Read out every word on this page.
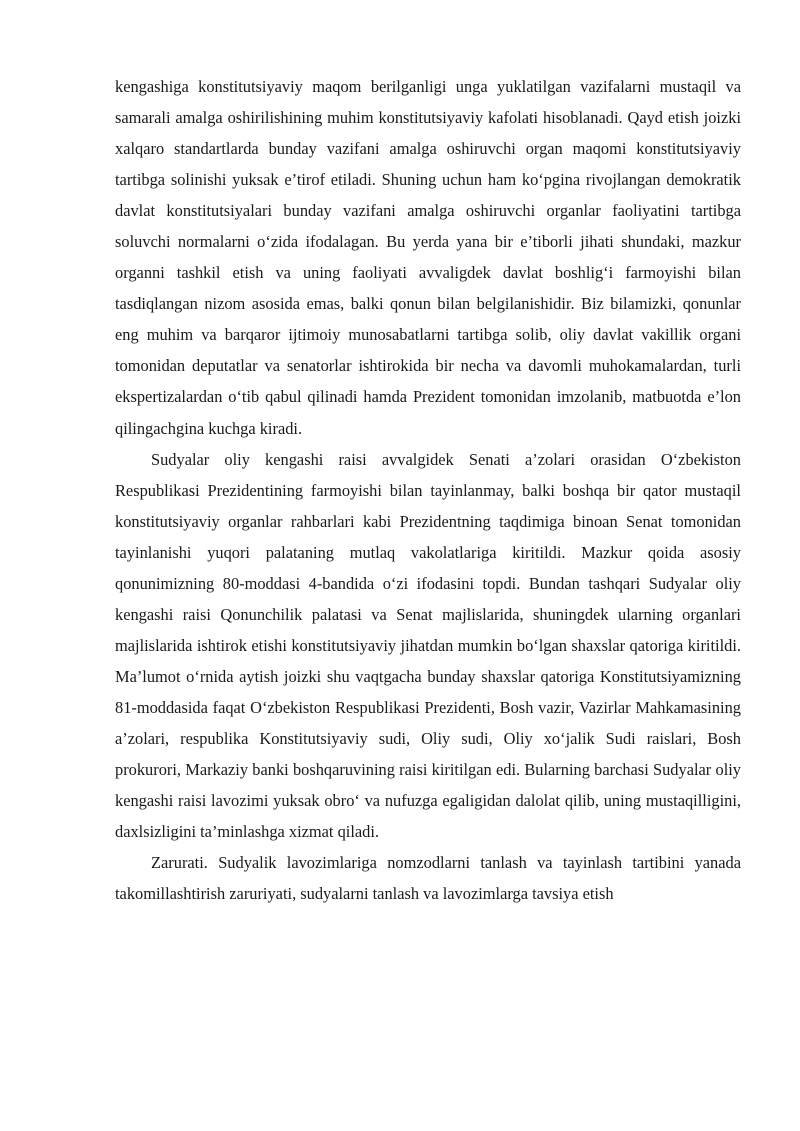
kengashiga konstitutsiyaviy maqom berilganligi unga yuklatilgan vazifalarni mustaqil va samarali amalga oshirilishining muhim konstitutsiyaviy kafolati hisoblanadi. Qayd etish joizki xalqaro standartlarda bunday vazifani amalga oshiruvchi organ maqomi konstitutsiyaviy tartibga solinishi yuksak e’tirof etiladi. Shuning uchun ham ko‘pgina rivojlangan demokratik davlat konstitutsiyalari bunday vazifani amalga oshiruvchi organlar faoliyatini tartibga soluvchi normalarni o‘zida ifodalagan. Bu yerda yana bir e’tiborli jihati shundaki, mazkur organni tashkil etish va uning faoliyati avvaligdek davlat boshlig‘i farmoyishi bilan tasdiqlangan nizom asosida emas, balki qonun bilan belgilanishidir. Biz bilamizki, qonunlar eng muhim va barqaror ijtimoiy munosabatlarni tartibga solib, oliy davlat vakillik organi tomonidan deputatlar va senatorlar ishtirokida bir necha va davomli muhokamalardan, turli ekspertizalardan o‘tib qabul qilinadi hamda Prezident tomonidan imzolanib, matbuotda e’lon qilingachgina kuchga kiradi.

Sudyalar oliy kengashi raisi avvalgidek Senati a’zolari orasidan O‘zbekiston Respublikasi Prezidentining farmoyishi bilan tayinlanmay, balki boshqa bir qator mustaqil konstitutsiyaviy organlar rahbarlari kabi Prezidentning taqdimiga binoan Senat tomonidan tayinlanishi yuqori palataning mutlaq vakolatlariga kiritildi. Mazkur qoida asosiy qonunimizning 80-moddasi 4-bandida o‘zi ifodasini topdi. Bundan tashqari Sudyalar oliy kengashi raisi Qonunchilik palatasi va Senat majlislarida, shuningdek ularning organlari majlislarida ishtirok etishi konstitutsiyaviy jihatdan mumkin bo‘lgan shaxslar qatoriga kiritildi. Ma’lumot o‘rnida aytish joizki shu vaqtgacha bunday shaxslar qatoriga Konstitutsiyamizning 81-moddasida faqat O‘zbekiston Respublikasi Prezidenti, Bosh vazir, Vazirlar Mahkamasining a’zolari, respublika Konstitutsiyaviy sudi, Oliy sudi, Oliy xo‘jalik Sudi raislari, Bosh prokurori, Markaziy banki boshqaruvining raisi kiritilgan edi. Bularning barchasi Sudyalar oliy kengashi raisi lavozimi yuksak obro‘ va nufuzga egaligidan dalolat qilib, uning mustaqilligini, daxlsizligini ta’minlashga xizmat qiladi.

Zarurati. Sudyalik lavozimlariga nomzodlarni tanlash va tayinlash tartibini yanada takomillashtirish zaruriyati, sudyalarni tanlash va lavozimlarga tavsiya etish
